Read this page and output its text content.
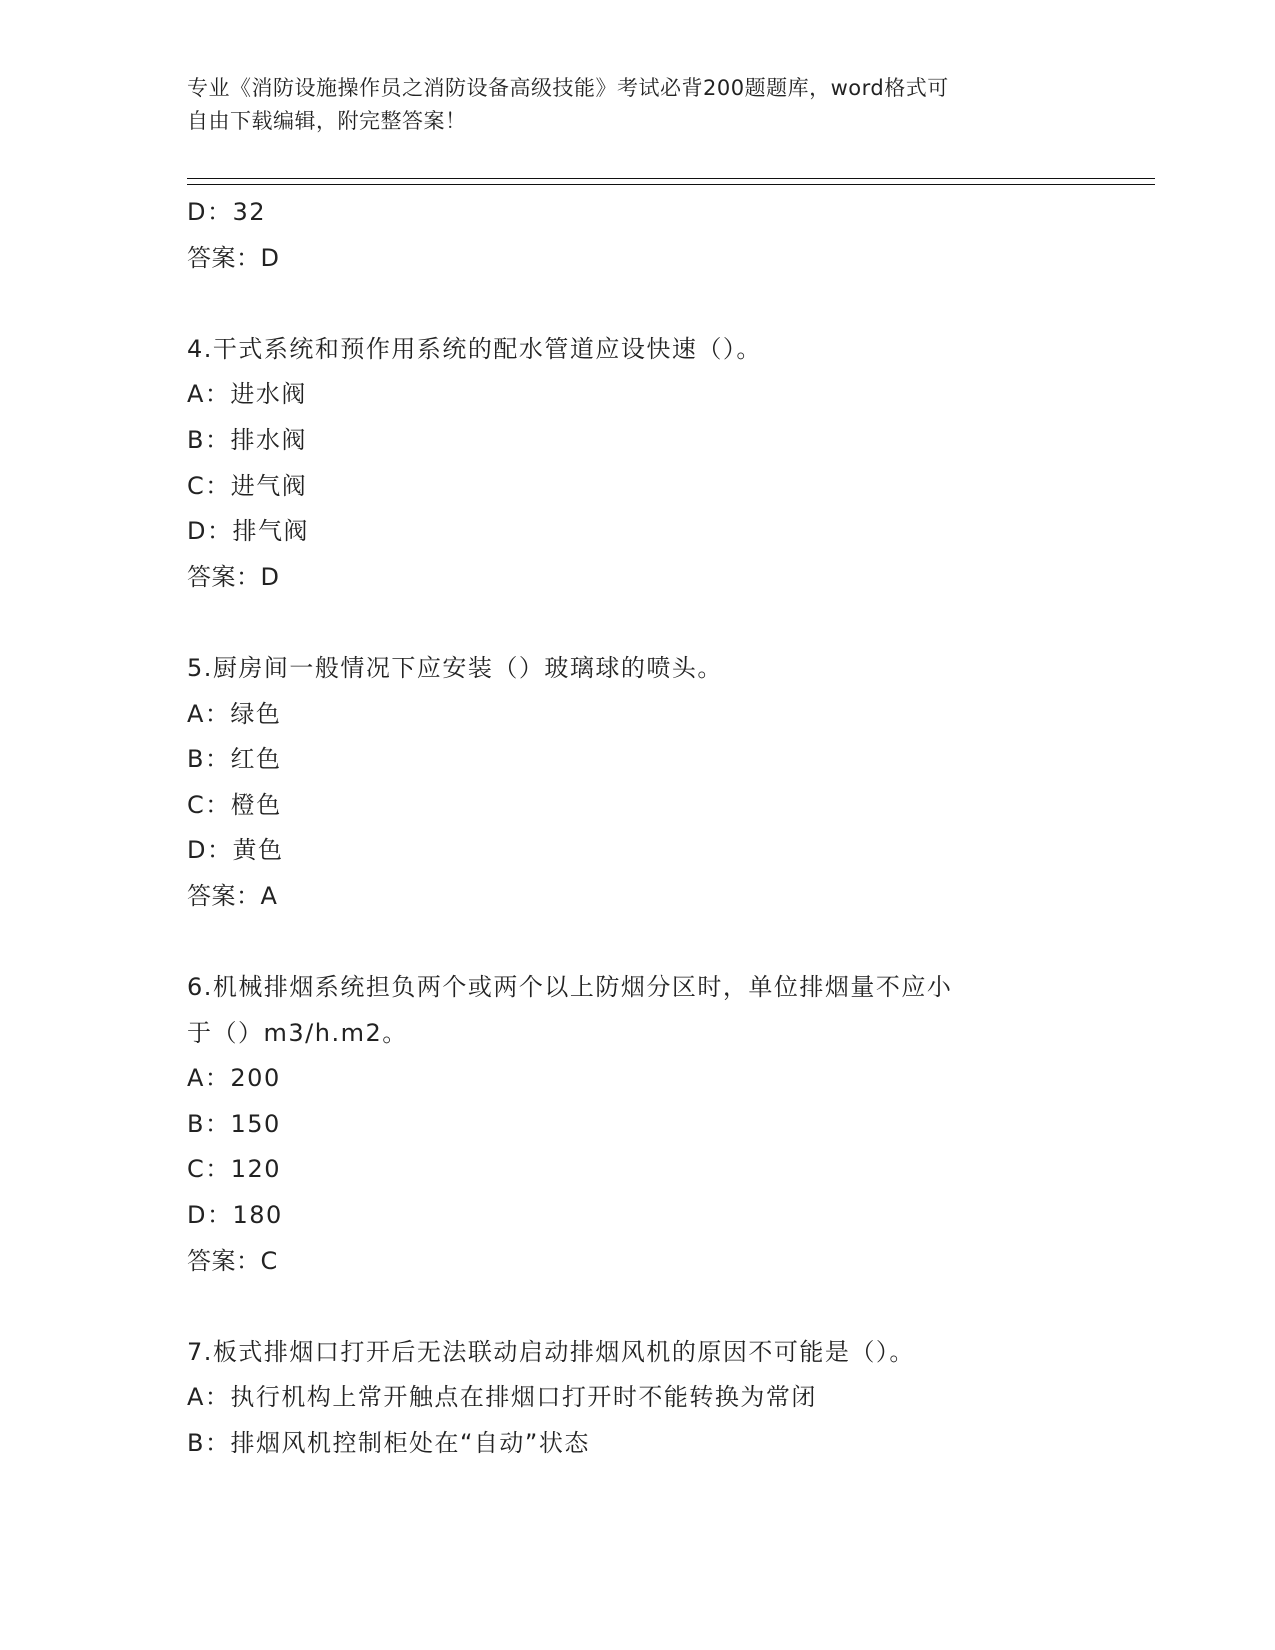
专业《消防设施操作员之消防设备高级技能》考试必背200题题库，word格式可
自由下载编辑，附完整答案！
D：32
答案：D
4.干式系统和预作用系统的配水管道应设快速（）。
A：进水阀
B：排水阀
C：进气阀
D：排气阀
答案：D
5.厨房间一般情况下应安装（）玻璃球的喷头。
A：绿色
B：红色
C：橙色
D：黄色
答案：A
6.机械排烟系统担负两个或两个以上防烟分区时，单位排烟量不应小
于（）m3/h.m2。
A：200
B：150
C：120
D：180
答案：C
7.板式排烟口打开后无法联动启动排烟风机的原因不可能是（）。
A：执行机构上常开触点在排烟口打开时不能转换为常闭
B：排烟风机控制柜处在“自动”状态
